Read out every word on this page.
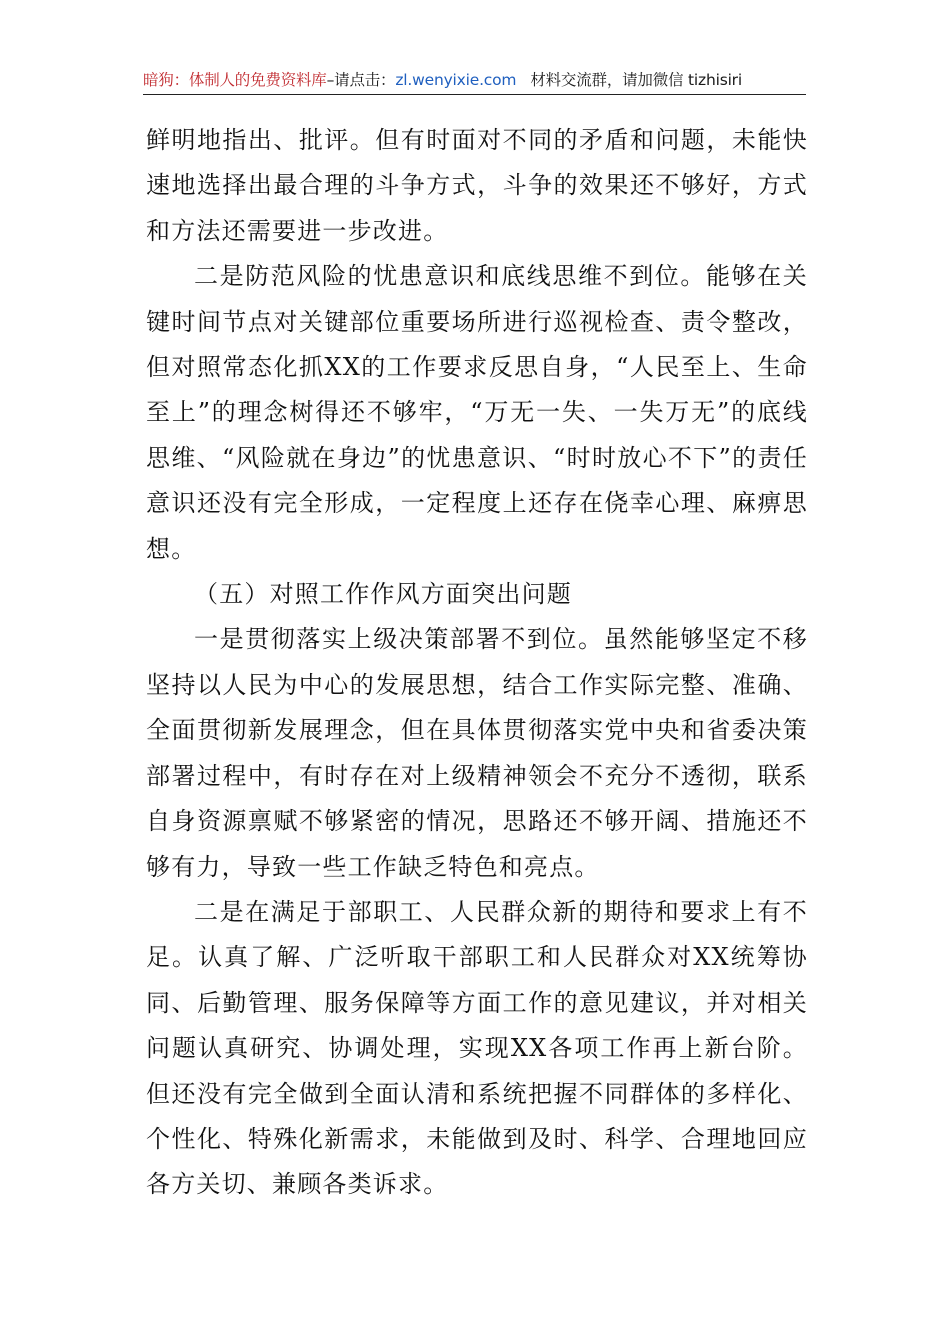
暗狗：体制人的免费资料库–请点击：zl.wenyixie.com 材料交流群，请加微信 tizhisiri

鲜明地指出、批评。但有时面对不同的矛盾和问题，未能快速地选择出最合理的斗争方式，斗争的效果还不够好，方式和方法还需要进一步改进。

二是防范风险的忧患意识和底线思维不到位。能够在关键时间节点对关键部位重要场所进行巡视检查、责令整改，但对照常态化抓XX的工作要求反思自身，“人民至上、生命至上”的理念树得还不够牢，“万无一失、一失万无”的底线思维、“风险就在身边”的忧患意识、“时时放心不下”的责任意识还没有完全形成，一定程度上还存在侥幸心理、麻痹思想。

（五）对照工作作风方面突出问题

一是贯彻落实上级决策部署不到位。虽然能够坚定不移坚持以人民为中心的发展思想，结合工作实际完整、准确、全面贯彻新发展理念，但在具体贯彻落实党中央和省委决策部署过程中，有时存在对上级精神领会不充分不透彻，联系自身资源禀赋不够紧密的情况，思路还不够开阔、措施还不够有力，导致一些工作缺乏特色和亮点。

二是在满足于部职工、人民群众新的期待和要求上有不足。认真了解、广泛听取干部职工和人民群众对XX统筹协同、后勤管理、服务保障等方面工作的意见建议，并对相关问题认真研究、协调处理，实现XX各项工作再上新台阶。但还没有完全做到全面认清和系统把握不同群体的多样化、个性化、特殊化新需求，未能做到及时、科学、合理地回应各方关切、兼顾各类诉求。
